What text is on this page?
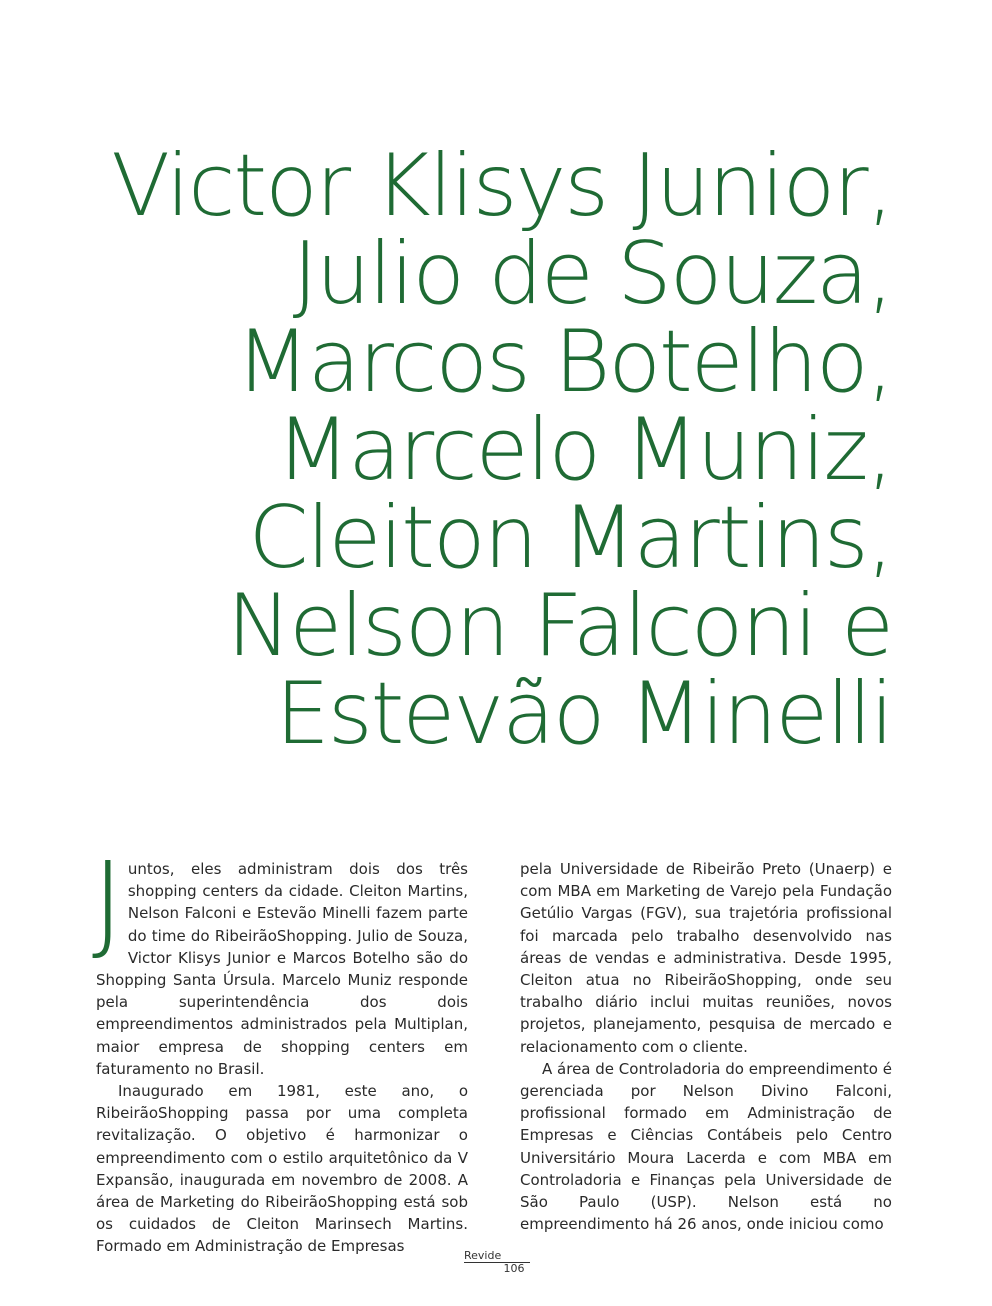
Victor Klisys Junior,
Julio de Souza,
Marcos Botelho,
Marcelo Muniz,
Cleiton Martins,
Nelson Falconi e
Estevão Minelli

Juntos, eles administram dois dos três shopping centers da cidade. Cleiton Martins, Nelson Falconi e Estevão Minelli fazem parte do time do RibeirãoShopping. Julio de Souza, Victor Klisys Junior e Marcos Botelho são do Shopping Santa Úrsula. Marcelo Muniz responde pela superintendência dos dois empreendimentos administrados pela Multiplan, maior empresa de shopping centers em faturamento no Brasil.

Inaugurado em 1981, este ano, o RibeirãoShopping passa por uma completa revitalização. O objetivo é harmonizar o empreendimento com o estilo arquitetônico da V Expansão, inaugurada em novembro de 2008. A área de Marketing do RibeirãoShopping está sob os cuidados de Cleiton Marinsech Martins. Formado em Administração de Empresas

pela Universidade de Ribeirão Preto (Unaerp) e com MBA em Marketing de Varejo pela Fundação Getúlio Vargas (FGV), sua trajetória profissional foi marcada pelo trabalho desenvolvido nas áreas de vendas e administrativa. Desde 1995, Cleiton atua no RibeirãoShopping, onde seu trabalho diário inclui muitas reuniões, novos projetos, planejamento, pesquisa de mercado e relacionamento com o cliente.

A área de Controladoria do empreendimento é gerenciada por Nelson Divino Falconi, profissional formado em Administração de Empresas e Ciências Contábeis pelo Centro Universitário Moura Lacerda e com MBA em Controladoria e Finanças pela Universidade de São Paulo (USP). Nelson está no empreendimento há 26 anos, onde iniciou como

Revide
106
